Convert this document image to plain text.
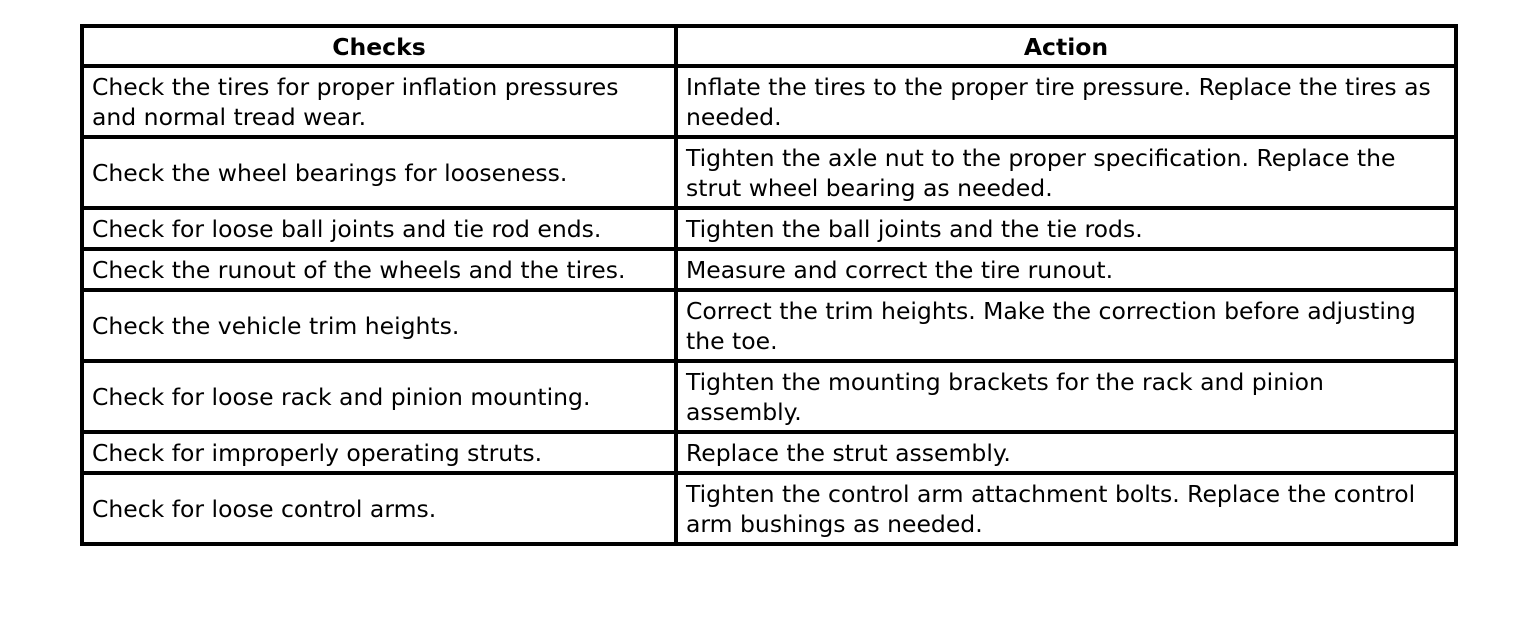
Checks	Action
Check the tires for proper inflation pressures and normal tread wear.	Inflate the tires to the proper tire pressure. Replace the tires as needed.
Check the wheel bearings for looseness.	Tighten the axle nut to the proper specification. Replace the strut wheel bearing as needed.
Check for loose ball joints and tie rod ends.	Tighten the ball joints and the tie rods.
Check the runout of the wheels and the tires.	Measure and correct the tire runout.
Check the vehicle trim heights.	Correct the trim heights. Make the correction before adjusting the toe.
Check for loose rack and pinion mounting.	Tighten the mounting brackets for the rack and pinion assembly.
Check for improperly operating struts.	Replace the strut assembly.
Check for loose control arms.	Tighten the control arm attachment bolts. Replace the control arm bushings as needed.
